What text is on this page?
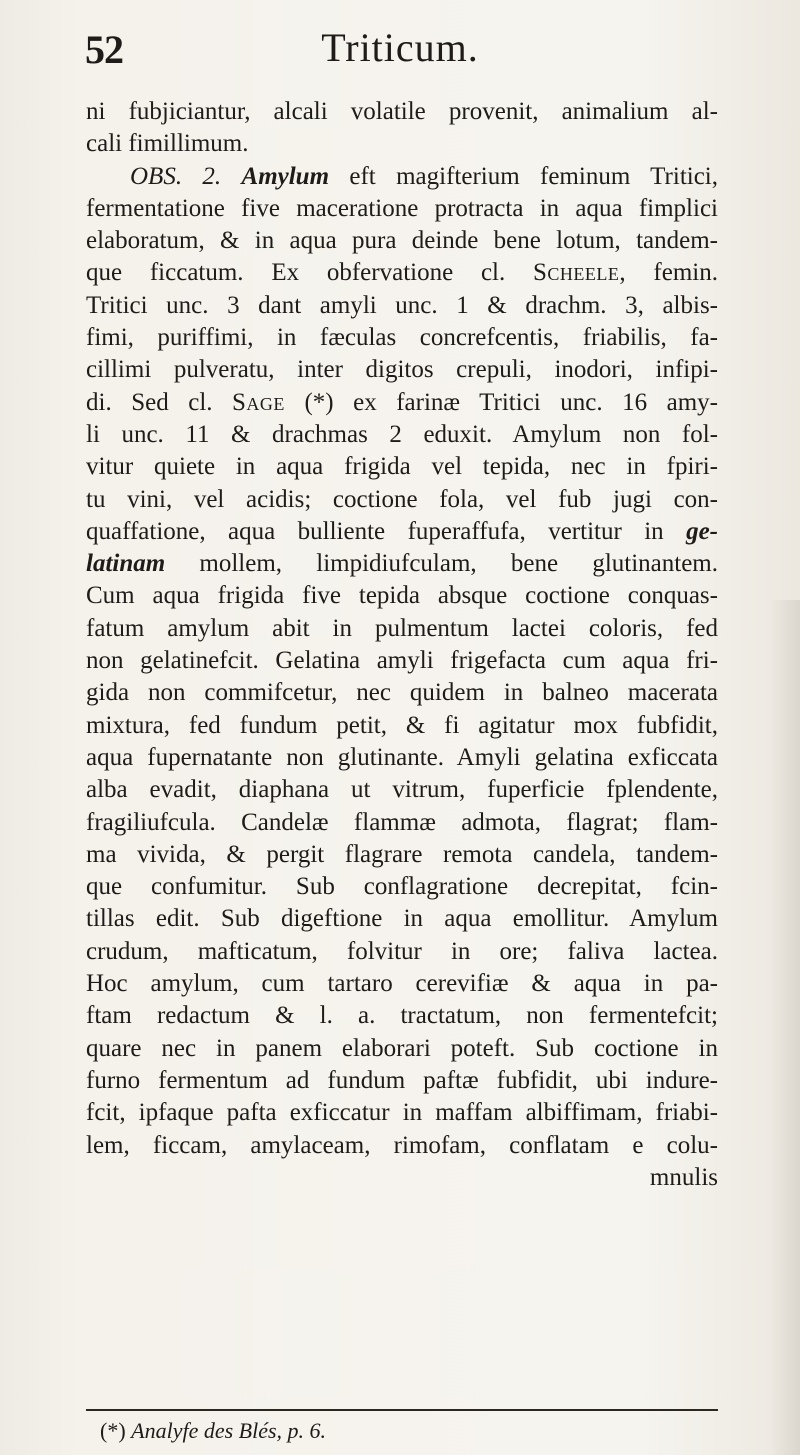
52	Triticum.

ni fubjiciantur, alcali volatile provenit, animalium al-

cali fimillimum.

OBS. 2. Amylum eft magifterium feminum Tritici,

fermentatione five maceratione protracta in aqua fimplici

elaboratum, & in aqua pura deinde bene lotum, tandem-

que ficcatum. Ex obfervatione cl. Scheele, femin.

Tritici unc. 3 dant amyli unc. 1 & drachm. 3, albis-

fimi, puriffimi, in fæculas concrefcentis, friabilis, fa-

cillimi pulveratu, inter digitos crepuli, inodori, infipi-

di. Sed cl. Sage (*) ex farinæ Tritici unc. 16 amy-

li unc. 11 & drachmas 2 eduxit. Amylum non fol-

vitur quiete in aqua frigida vel tepida, nec in fpiri-

tu vini, vel acidis; coctione fola, vel fub jugi con-

quaffatione, aqua bulliente fuperaffufa, vertitur in ge-

latinam mollem, limpidiufculam, bene glutinantem.

Cum aqua frigida five tepida absque coctione conquas-

fatum amylum abit in pulmentum lactei coloris, fed

non gelatinefcit. Gelatina amyli frigefacta cum aqua fri-

gida non commifcetur, nec quidem in balneo macerata

mixtura, fed fundum petit, & fi agitatur mox fubfidit,

aqua fupernatante non glutinante. Amyli gelatina exficcata

alba evadit, diaphana ut vitrum, fuperficie fplendente,

fragiliufcula. Candelæ flammæ admota, flagrat; flam-

ma vivida, & pergit flagrare remota candela, tandem-

que confumitur. Sub conflagratione decrepitat, fcin-

tillas edit. Sub digeftione in aqua emollitur. Amylum

crudum, mafticatum, folvitur in ore; faliva lactea.

Hoc amylum, cum tartaro cerevifiæ & aqua in pa-

ftam redactum & l. a. tractatum, non fermentefcit;

quare nec in panem elaborari poteft. Sub coctione in

furno fermentum ad fundum paftæ fubfidit, ubi indure-

fcit, ipfaque pafta exficcatur in maffam albiffimam, friabi-

lem, ficcam, amylaceam, rimofam, conflatam e colu-

mnulis

(*) Analyfe des Blés, p. 6.
